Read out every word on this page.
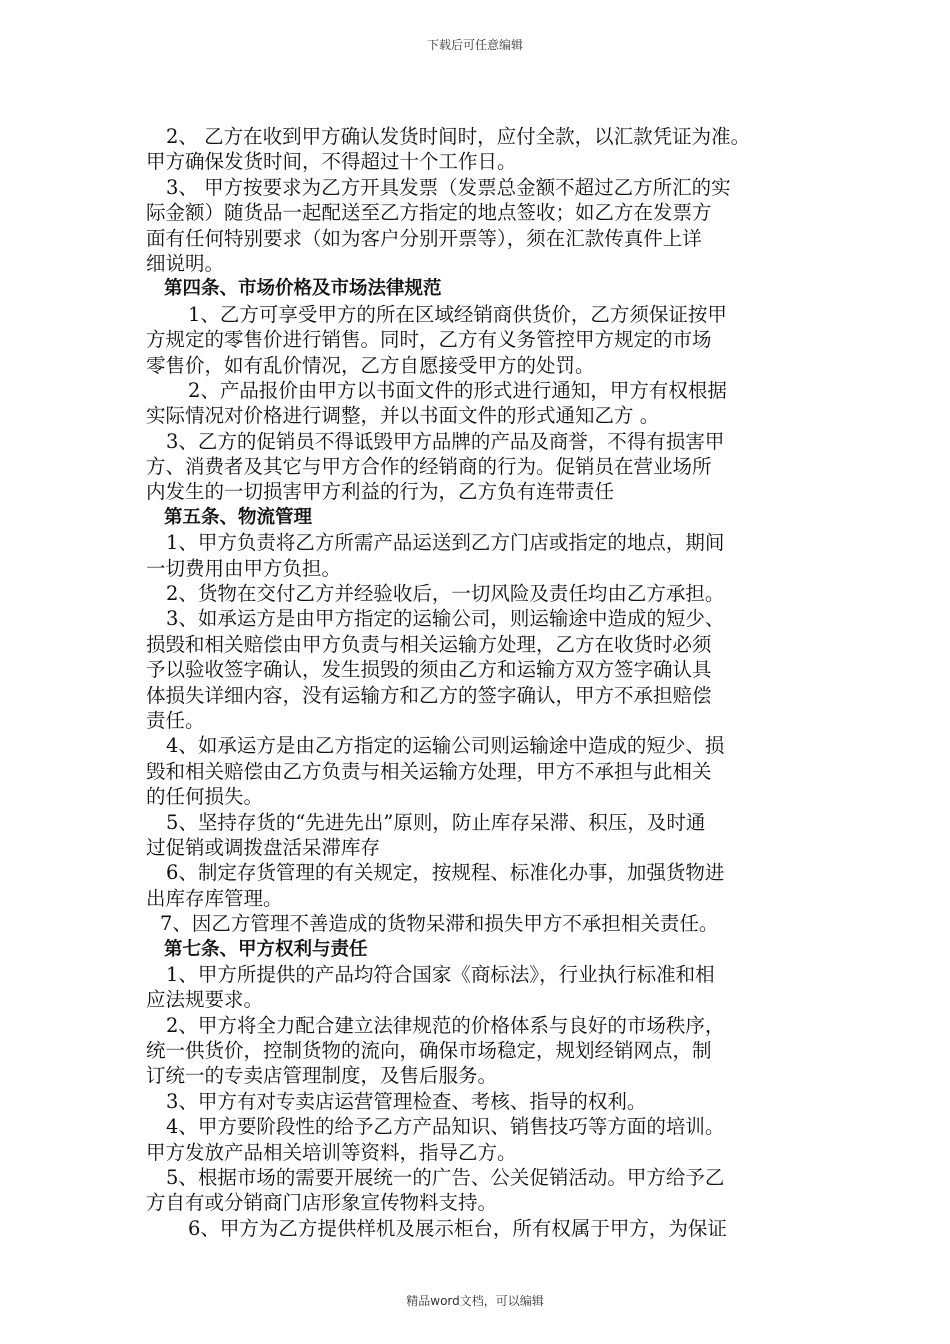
下载后可任意编辑
2、 乙方在收到甲方确认发货时间时，应付全款，以汇款凭证为准。
甲方确保发货时间，不得超过十个工作日。
3、 甲方按要求为乙方开具发票（发票总金额不超过乙方所汇的实
际金额）随货品一起配送至乙方指定的地点签收；如乙方在发票方
面有任何特别要求（如为客户分别开票等），须在汇款传真件上详
细说明。
第四条、市场价格及市场法律规范
1、乙方可享受甲方的所在区域经销商供货价，乙方须保证按甲
方规定的零售价进行销售。同时，乙方有义务管控甲方规定的市场
零售价，如有乱价情况，乙方自愿接受甲方的处罚。
2、产品报价由甲方以书面文件的形式进行通知，甲方有权根据
实际情况对价格进行调整，并以书面文件的形式通知乙方 。
3、乙方的促销员不得诋毁甲方品牌的产品及商誉，不得有损害甲
方、消费者及其它与甲方合作的经销商的行为。促销员在营业场所
内发生的一切损害甲方利益的行为，乙方负有连带责任
第五条、物流管理
1、甲方负责将乙方所需产品运送到乙方门店或指定的地点，期间
一切费用由甲方负担。
2、货物在交付乙方并经验收后，一切风险及责任均由乙方承担。
3、如承运方是由甲方指定的运输公司，则运输途中造成的短少、
损毁和相关赔偿由甲方负责与相关运输方处理，乙方在收货时必须
予以验收签字确认，发生损毁的须由乙方和运输方双方签字确认具
体损失详细内容，没有运输方和乙方的签字确认，甲方不承担赔偿
责任。
4、如承运方是由乙方指定的运输公司则运输途中造成的短少、损
毁和相关赔偿由乙方负责与相关运输方处理，甲方不承担与此相关
的任何损失。
5、坚持存货的“先进先出”原则，防止库存呆滞、积压，及时通
过促销或调拨盘活呆滞库存
6、制定存货管理的有关规定，按规程、标准化办事，加强货物进
出库存库管理。
7、因乙方管理不善造成的货物呆滞和损失甲方不承担相关责任。
第七条、甲方权利与责任
1、甲方所提供的产品均符合国家《商标法》，行业执行标准和相
应法规要求。
2、甲方将全力配合建立法律规范的价格体系与良好的市场秩序，
统一供货价，控制货物的流向，确保市场稳定，规划经销网点，制
订统一的专卖店管理制度，及售后服务。
3、甲方有对专卖店运营管理检查、考核、指导的权利。
4、甲方要阶段性的给予乙方产品知识、销售技巧等方面的培训。
甲方发放产品相关培训等资料，指导乙方。
5、根据市场的需要开展统一的广告、公关促销活动。甲方给予乙
方自有或分销商门店形象宣传物料支持。
6、甲方为乙方提供样机及展示柜台，所有权属于甲方，为保证
精品word文档，可以编辑
